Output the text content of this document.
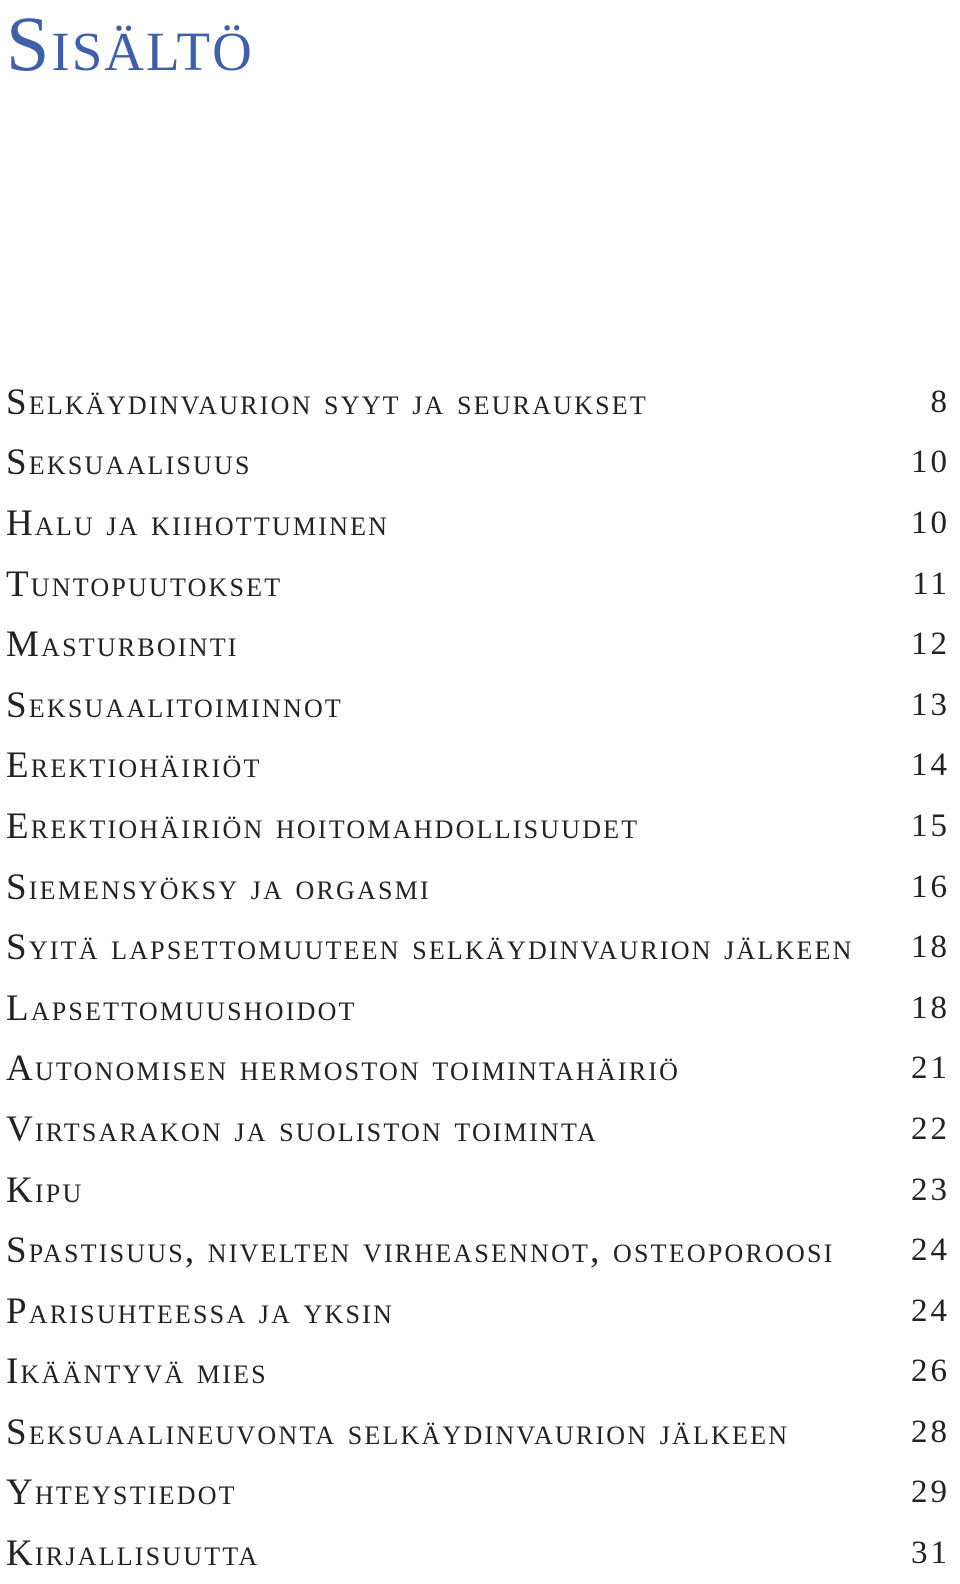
Sisältö
Selkäydinvaurion syyt ja seuraukset	8
Seksuaalisuus	10
Halu ja kiihottuminen	10
Tuntopuutokset	11
Masturbointi	12
Seksuaalitoiminnot	13
Erektiohäiriöt	14
Erektiohäiriön hoitomahdollisuudet	15
Siemensyöksy ja orgasmi	16
Syitä lapsettomuuteen selkäydinvaurion jälkeen 18
Lapsettomuushoidot	18
Autonomisen hermoston toimintahäiriö	21
Virtsarakon ja suoliston toiminta	22
Kipu	23
Spastisuus, nivelten virheasennot, osteoporoosi 24
Parisuhteessa ja yksin	24
Ikääntyvä mies	26
Seksuaalineuvonta selkäydinvaurion jälkeen	28
Yhteystiedot	29
Kirjallisuutta	31
